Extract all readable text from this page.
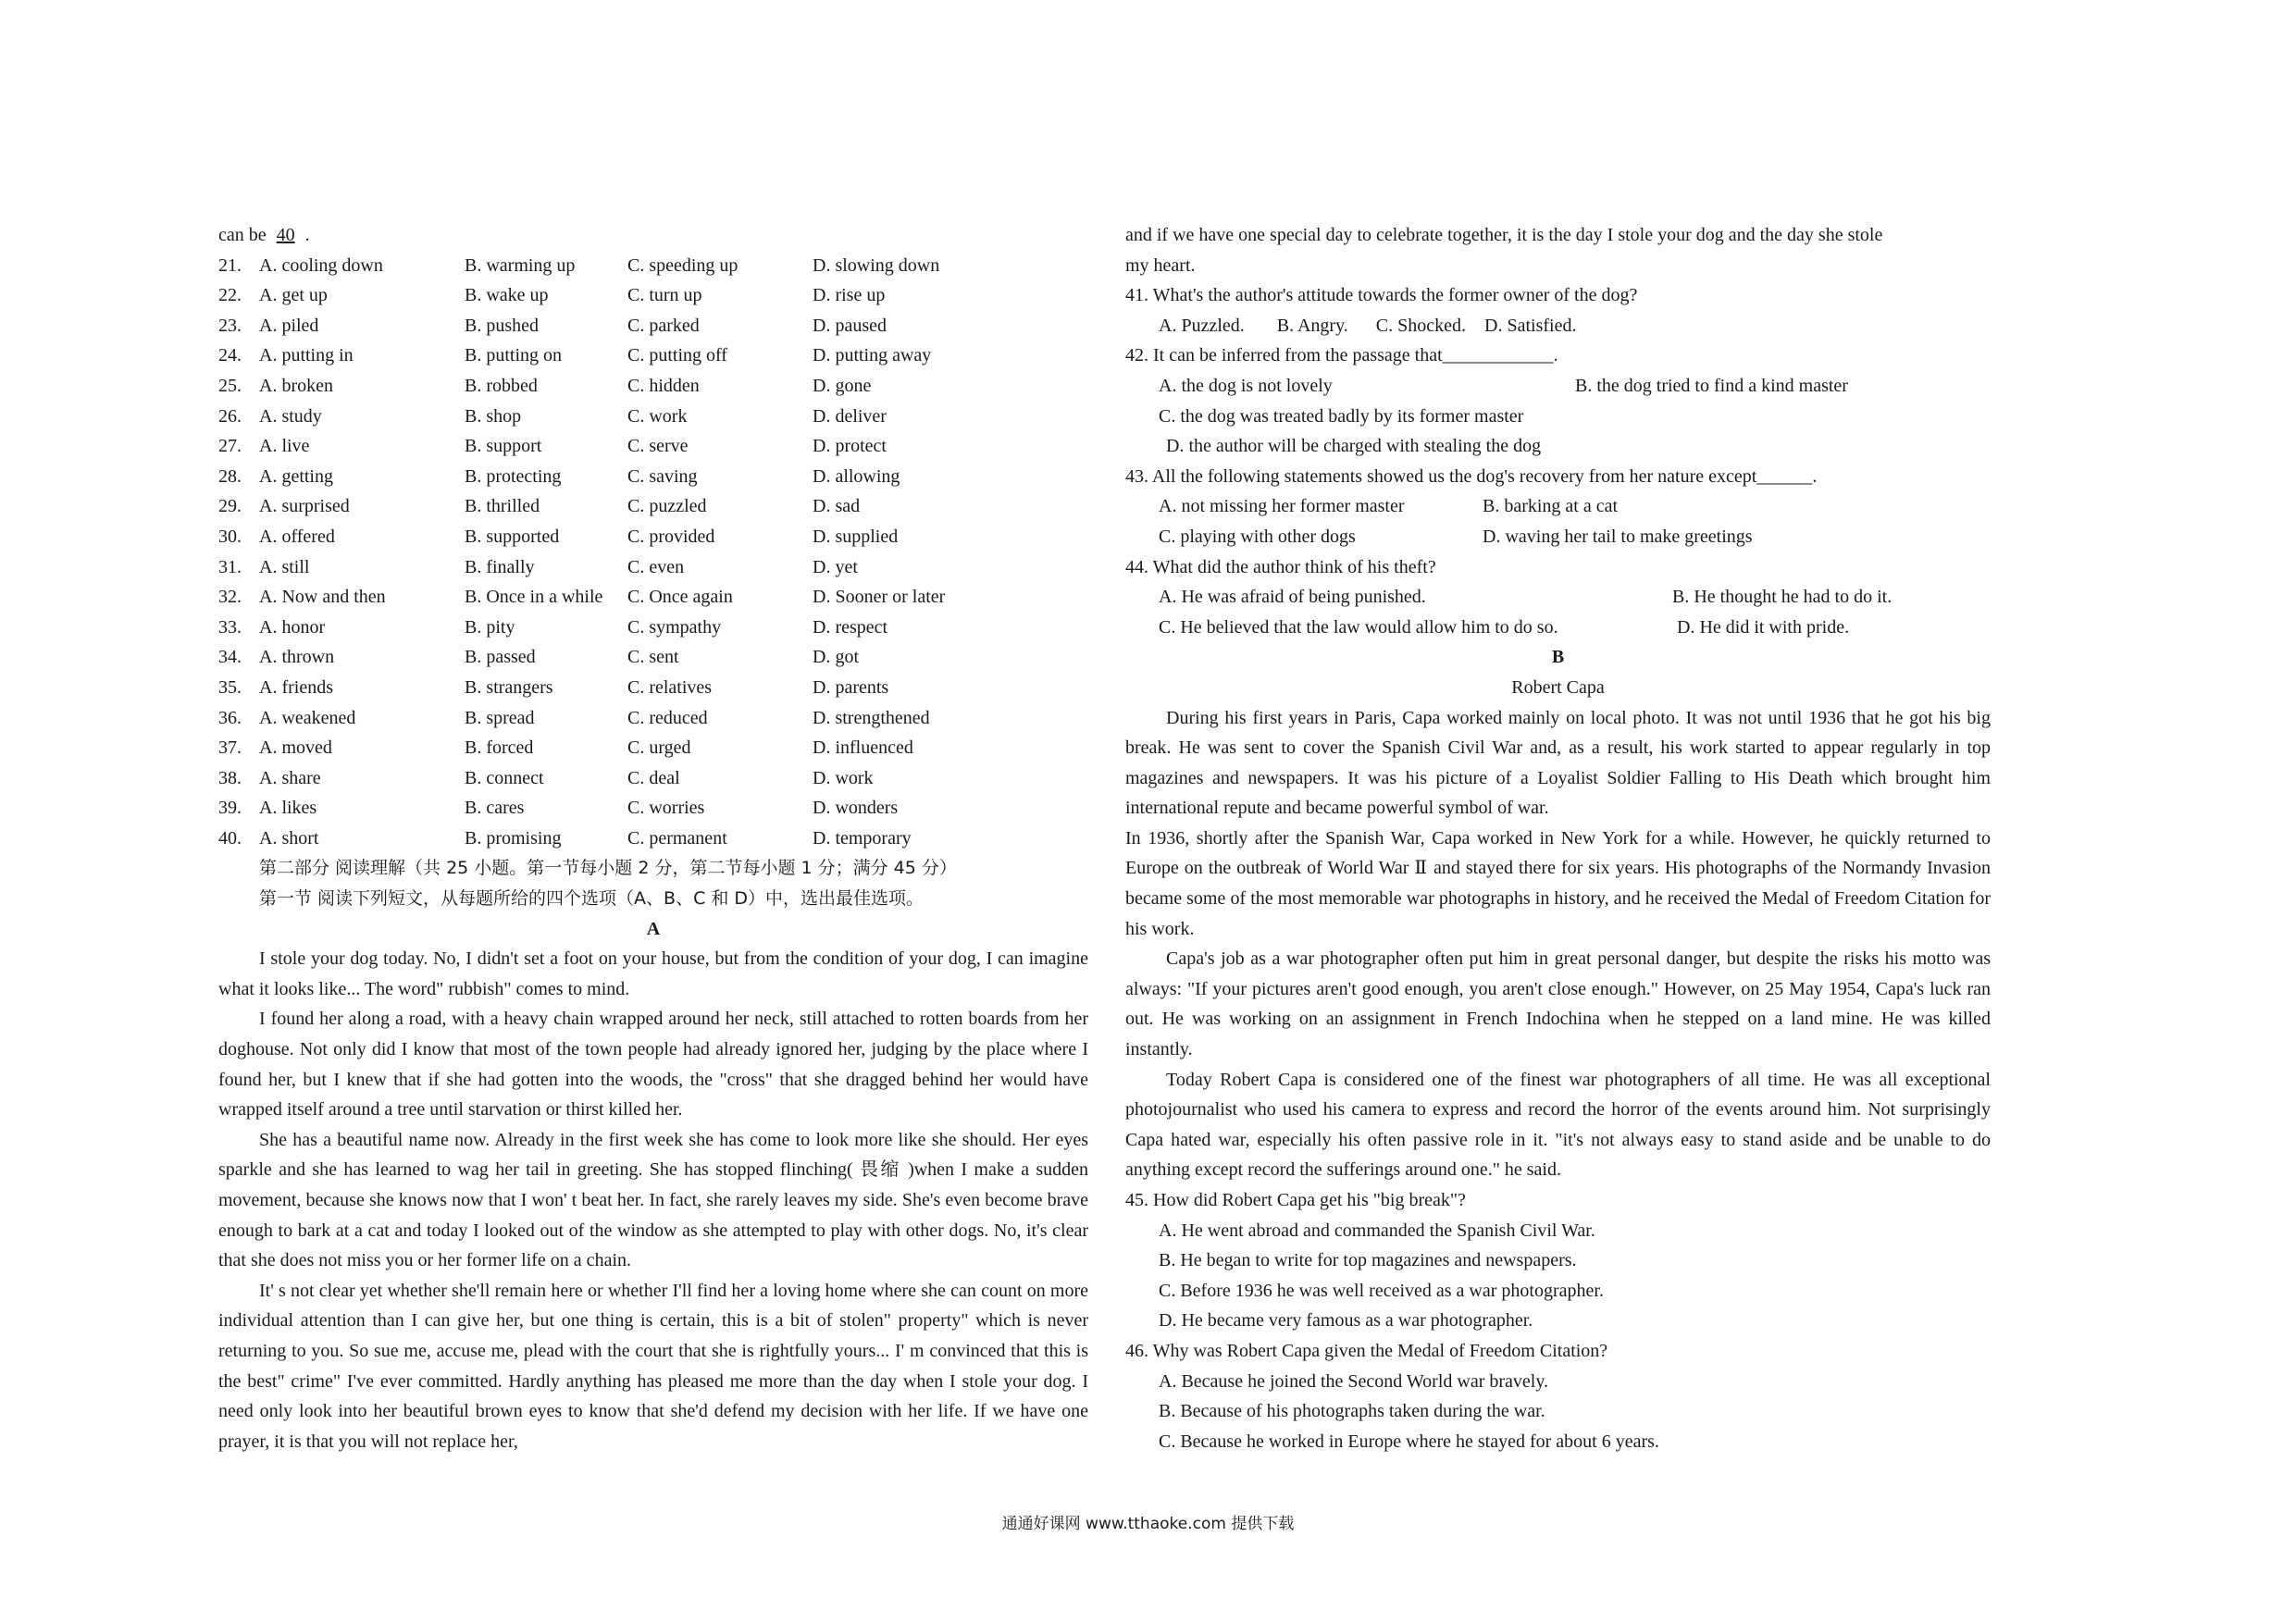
can be 40 .
21. A. cooling down	B. warming up	C. speeding up	D. slowing down
22. A. get up	B. wake up	C. turn up	D. rise up
23. A. piled	B. pushed	C. parked	D. paused
24. A. putting in	B. putting on	C. putting off	D. putting away
25. A. broken	B. robbed	C. hidden	D. gone
26. A. study	B. shop	C. work	D. deliver
27. A. live	B. support	C. serve	D. protect
28. A. getting	B. protecting	C. saving	D. allowing
29. A. surprised	B. thrilled	C. puzzled	D. sad
30. A. offered	B. supported	C. provided	D. supplied
31. A. still	B. finally	C. even	D. yet
32. A. Now and then	B. Once in a while	C. Once again	D. Sooner or later
33. A. honor	B. pity	C. sympathy	D. respect
34. A. thrown	B. passed	C. sent	D. got
35. A. friends	B. strangers	C. relatives	D. parents
36. A. weakened	B. spread	C. reduced	D. strengthened
37. A. moved	B. forced	C. urged	D. influenced
38. A. share	B. connect	C. deal	D. work
39. A. likes	B. cares	C. worries	D. wonders
40. A. short	B. promising	C. permanent	D. temporary
第二部分 阅读理解（共 25 小题。第一节每小题 2 分，第二节每小题 1 分；满分 45 分）
第一节 阅读下列短文，从每题所给的四个选项（A、B、C 和 D）中，选出最佳选项。
A

I stole your dog today. No, I didn't set a foot on your house, but from the condition of your dog, I can imagine what it looks like... The word" rubbish" comes to mind.

I found her along a road, with a heavy chain wrapped around her neck, still attached to rotten boards from her doghouse. Not only did I know that most of the town people had already ignored her, judging by the place where I found her, but I knew that if she had gotten into the woods, the "cross" that she dragged behind her would have wrapped itself around a tree until starvation or thirst killed her.

She has a beautiful name now. Already in the first week she has come to look more like she should. Her eyes sparkle and she has learned to wag her tail in greeting. She has stopped flinching( 畏缩 )when I make a sudden movement, because she knows now that I won' t beat her. In fact, she rarely leaves my side. She's even become brave enough to bark at a cat and today I looked out of the window as she attempted to play with other dogs. No, it's clear that she does not miss you or her former life on a chain.

It' s not clear yet whether she'll remain here or whether I'll find her a loving home where she can count on more individual attention than I can give her, but one thing is certain, this is a bit of stolen" property" which is never returning to you. So sue me, accuse me, plead with the court that she is rightfully yours... I' m convinced that this is the best" crime" I've ever committed. Hardly anything has pleased me more than the day when I stole your dog. I need only look into her beautiful brown eyes to know that she'd defend my decision with her life. If we have one prayer, it is that you will not replace her,

and if we have one special day to celebrate together, it is the day I stole your dog and the day she stole
my heart.
41. What's the author's attitude towards the former owner of the dog?
A. Puzzled.       B. Angry.      C. Shocked.    D. Satisfied.
42. It can be inferred from the passage that____________.
A. the dog is not lovely	B. the dog tried to find a kind master
C. the dog was treated badly by its former master
D. the author will be charged with stealing the dog
43. All the following statements showed us the dog's recovery from her nature except______.
A. not missing her former master	B. barking at a cat
C. playing with other dogs	D. waving her tail to make greetings
44. What did the author think of his theft?
A. He was afraid of being punished.	B. He thought he had to do it.
C. He believed that the law would allow him to do so.	D. He did it with pride.
B
Robert Capa

During his first years in Paris, Capa worked mainly on local photo. It was not until 1936 that he got his big break. He was sent to cover the Spanish Civil War and, as a result, his work started to appear regularly in top magazines and newspapers. It was his picture of a Loyalist Soldier Falling to His Death which brought him international repute and became powerful symbol of war.

In 1936, shortly after the Spanish War, Capa worked in New York for a while. However, he quickly returned to Europe on the outbreak of World War Ⅱ and stayed there for six years. His photographs of the Normandy Invasion became some of the most memorable war photographs in history, and he received the Medal of Freedom Citation for his work.

Capa's job as a war photographer often put him in great personal danger, but despite the risks his motto was always: "If your pictures aren't good enough, you aren't close enough." However, on 25 May 1954, Capa's luck ran out. He was working on an assignment in French Indochina when he stepped on a land mine. He was killed instantly.

Today Robert Capa is considered one of the finest war photographers of all time. He was all exceptional photojournalist who used his camera to express and record the horror of the events around him. Not surprisingly Capa hated war, especially his often passive role in it. "it's not always easy to stand aside and be unable to do anything except record the sufferings around one." he said.

45. How did Robert Capa get his "big break"?
A. He went abroad and commanded the Spanish Civil War.
B. He began to write for top magazines and newspapers.
C. Before 1936 he was well received as a war photographer.
D. He became very famous as a war photographer.
46. Why was Robert Capa given the Medal of Freedom Citation?
A. Because he joined the Second World war bravely.
B. Because of his photographs taken during the war.
C. Because he worked in Europe where he stayed for about 6 years.
通通好课网 www.tthaoke.com 提供下载
